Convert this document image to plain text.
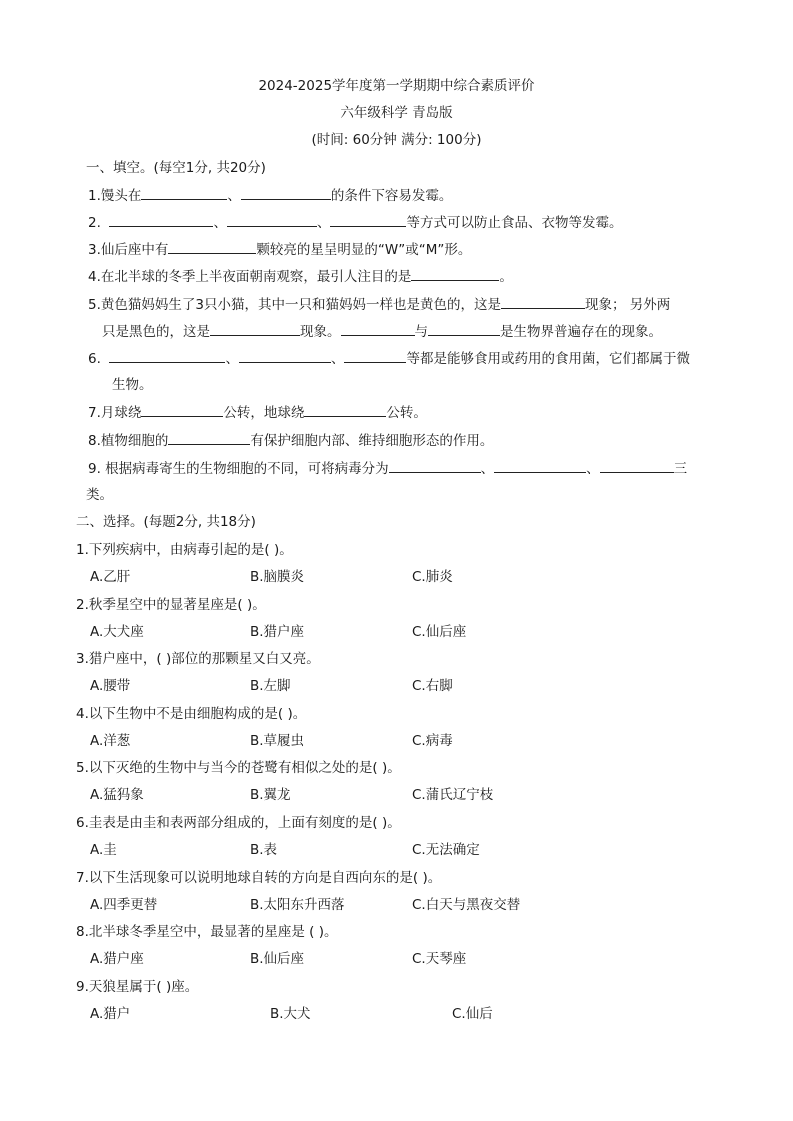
2024-2025学年度第一学期期中综合素质评价
六年级科学 青岛版
(时间: 60分钟 满分: 100分)
一、填空。(每空1分, 共20分)
1.馒头在	、	的条件下容易发霉。
2.	、	、	等方式可以防止食品、衣物等发霉。
3.仙后座中有	颗较亮的星呈明显的“W”或“M”形。
4.在北半球的冬季上半夜面朝南观察，最引人注目的是	。
5.黄色猫妈妈生了3只小猫，其中一只和猫妈妈一样也是黄色的，这是	现象； 另外两
只是黑色的，这是	现象。	与	是生物界普遍存在的现象。
6.	、	、	等都是能够食用或药用的食用菌，它们都属于微
生物。
7.月球绕	公转，地球绕	公转。
8.植物细胞的	有保护细胞内部、维持细胞形态的作用。
9. 根据病毒寄生的生物细胞的不同，可将病毒分为	、	、	三
类。
二、选择。(每题2分, 共18分)
1.下列疾病中，由病毒引起的是( )。
A.乙肝	B.脑膜炎	C.肺炎
2.秋季星空中的显著星座是( )。
A.大犬座	B.猎户座	C.仙后座
3.猎户座中，( )部位的那颗星又白又亮。
A.腰带	B.左脚	C.右脚
4.以下生物中不是由细胞构成的是( )。
A.洋葱	B.草履虫	C.病毒
5.以下灭绝的生物中与当今的苍鹭有相似之处的是( )。
A.猛犸象	B.翼龙	C.蒲氏辽宁枝
6.圭表是由圭和表两部分组成的，上面有刻度的是( )。
A.圭	B.表	C.无法确定
7.以下生活现象可以说明地球自转的方向是自西向东的是( )。
A.四季更替	B.太阳东升西落	C.白天与黑夜交替
8.北半球冬季星空中，最显著的星座是 ( )。
A.猎户座	B.仙后座	C.天琴座
9.天狼星属于( )座。
A.猎户	B.大犬	C.仙后
